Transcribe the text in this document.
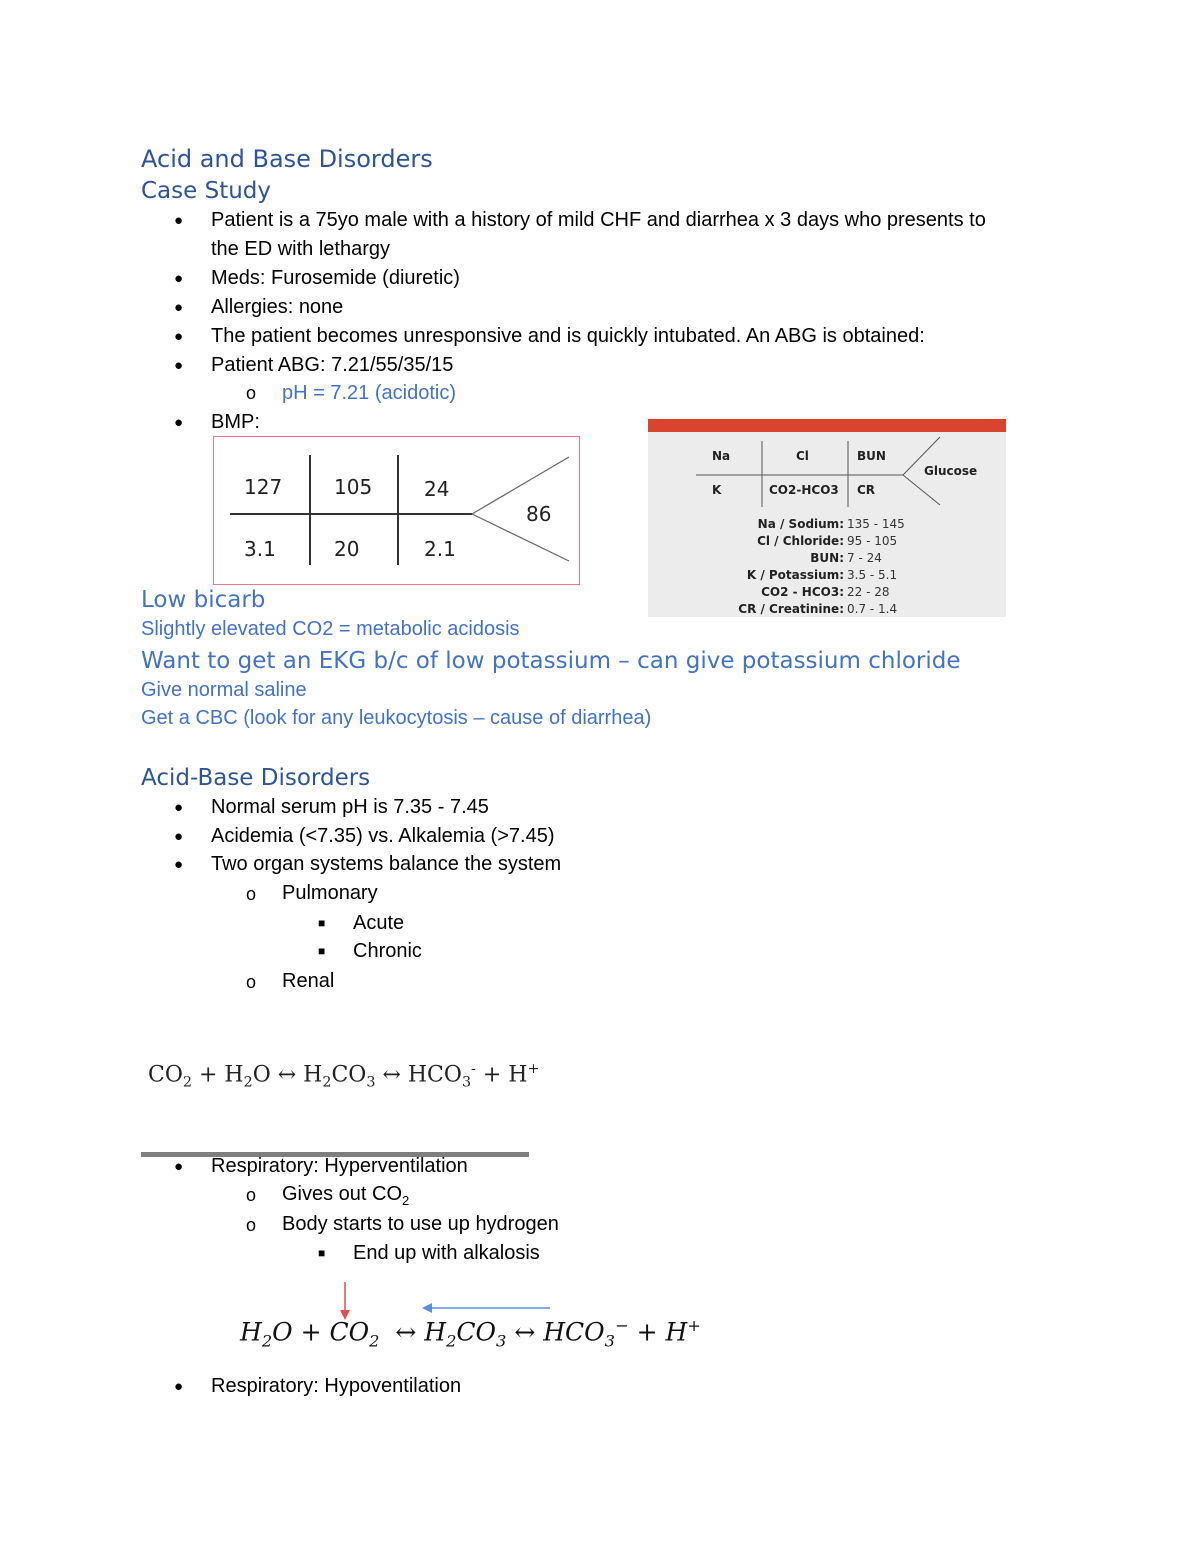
Acid and Base Disorders
Case Study
● Patient is a 75yo male with a history of mild CHF and diarrhea x 3 days who presents to
the ED with lethargy
● Meds: Furosemide (diuretic)
● Allergies: none
● The patient becomes unresponsive and is quickly intubated. An ABG is obtained:
● Patient ABG: 7.21/55/35/15
o pH = 7.21 (acidotic)
● BMP:
127	105	24
86
3.1	20	2.1
Na	Cl	BUN
Glucose
K	CO2-HCO3 CR
Na / Sodium: 135 - 145
Cl / Chloride: 95 - 105
BUN: 7 - 24
K / Potassium: 3.5 - 5.1
CO2 - HCO3: 22 - 28
CR / Creatinine: 0.7 - 1.4
Low bicarb
Slightly elevated CO2 = metabolic acidosis
Want to get an EKG b/c of low potassium – can give potassium chloride
Give normal saline
Get a CBC (look for any leukocytosis – cause of diarrhea)
Acid-Base Disorders
● Normal serum pH is 7.35 - 7.45
● Acidemia (<7.35) vs. Alkalemia (>7.45)
● Two organ systems balance the system
o Pulmonary
■ Acute
■ Chronic
o Renal
$CO_2 + H_2O$ ↔ $H_2CO_3$ ↔ $HCO_3^- + H^+$
● Respiratory: Hyperventilation
o Gives out $CO_2$
o Body starts to use up hydrogen
■ End up with alkalosis
$H_2O + CO_2$  ↔ $H_2CO_3$ ↔ $HCO_3^- + H^+$
● Respiratory: Hypoventilation
